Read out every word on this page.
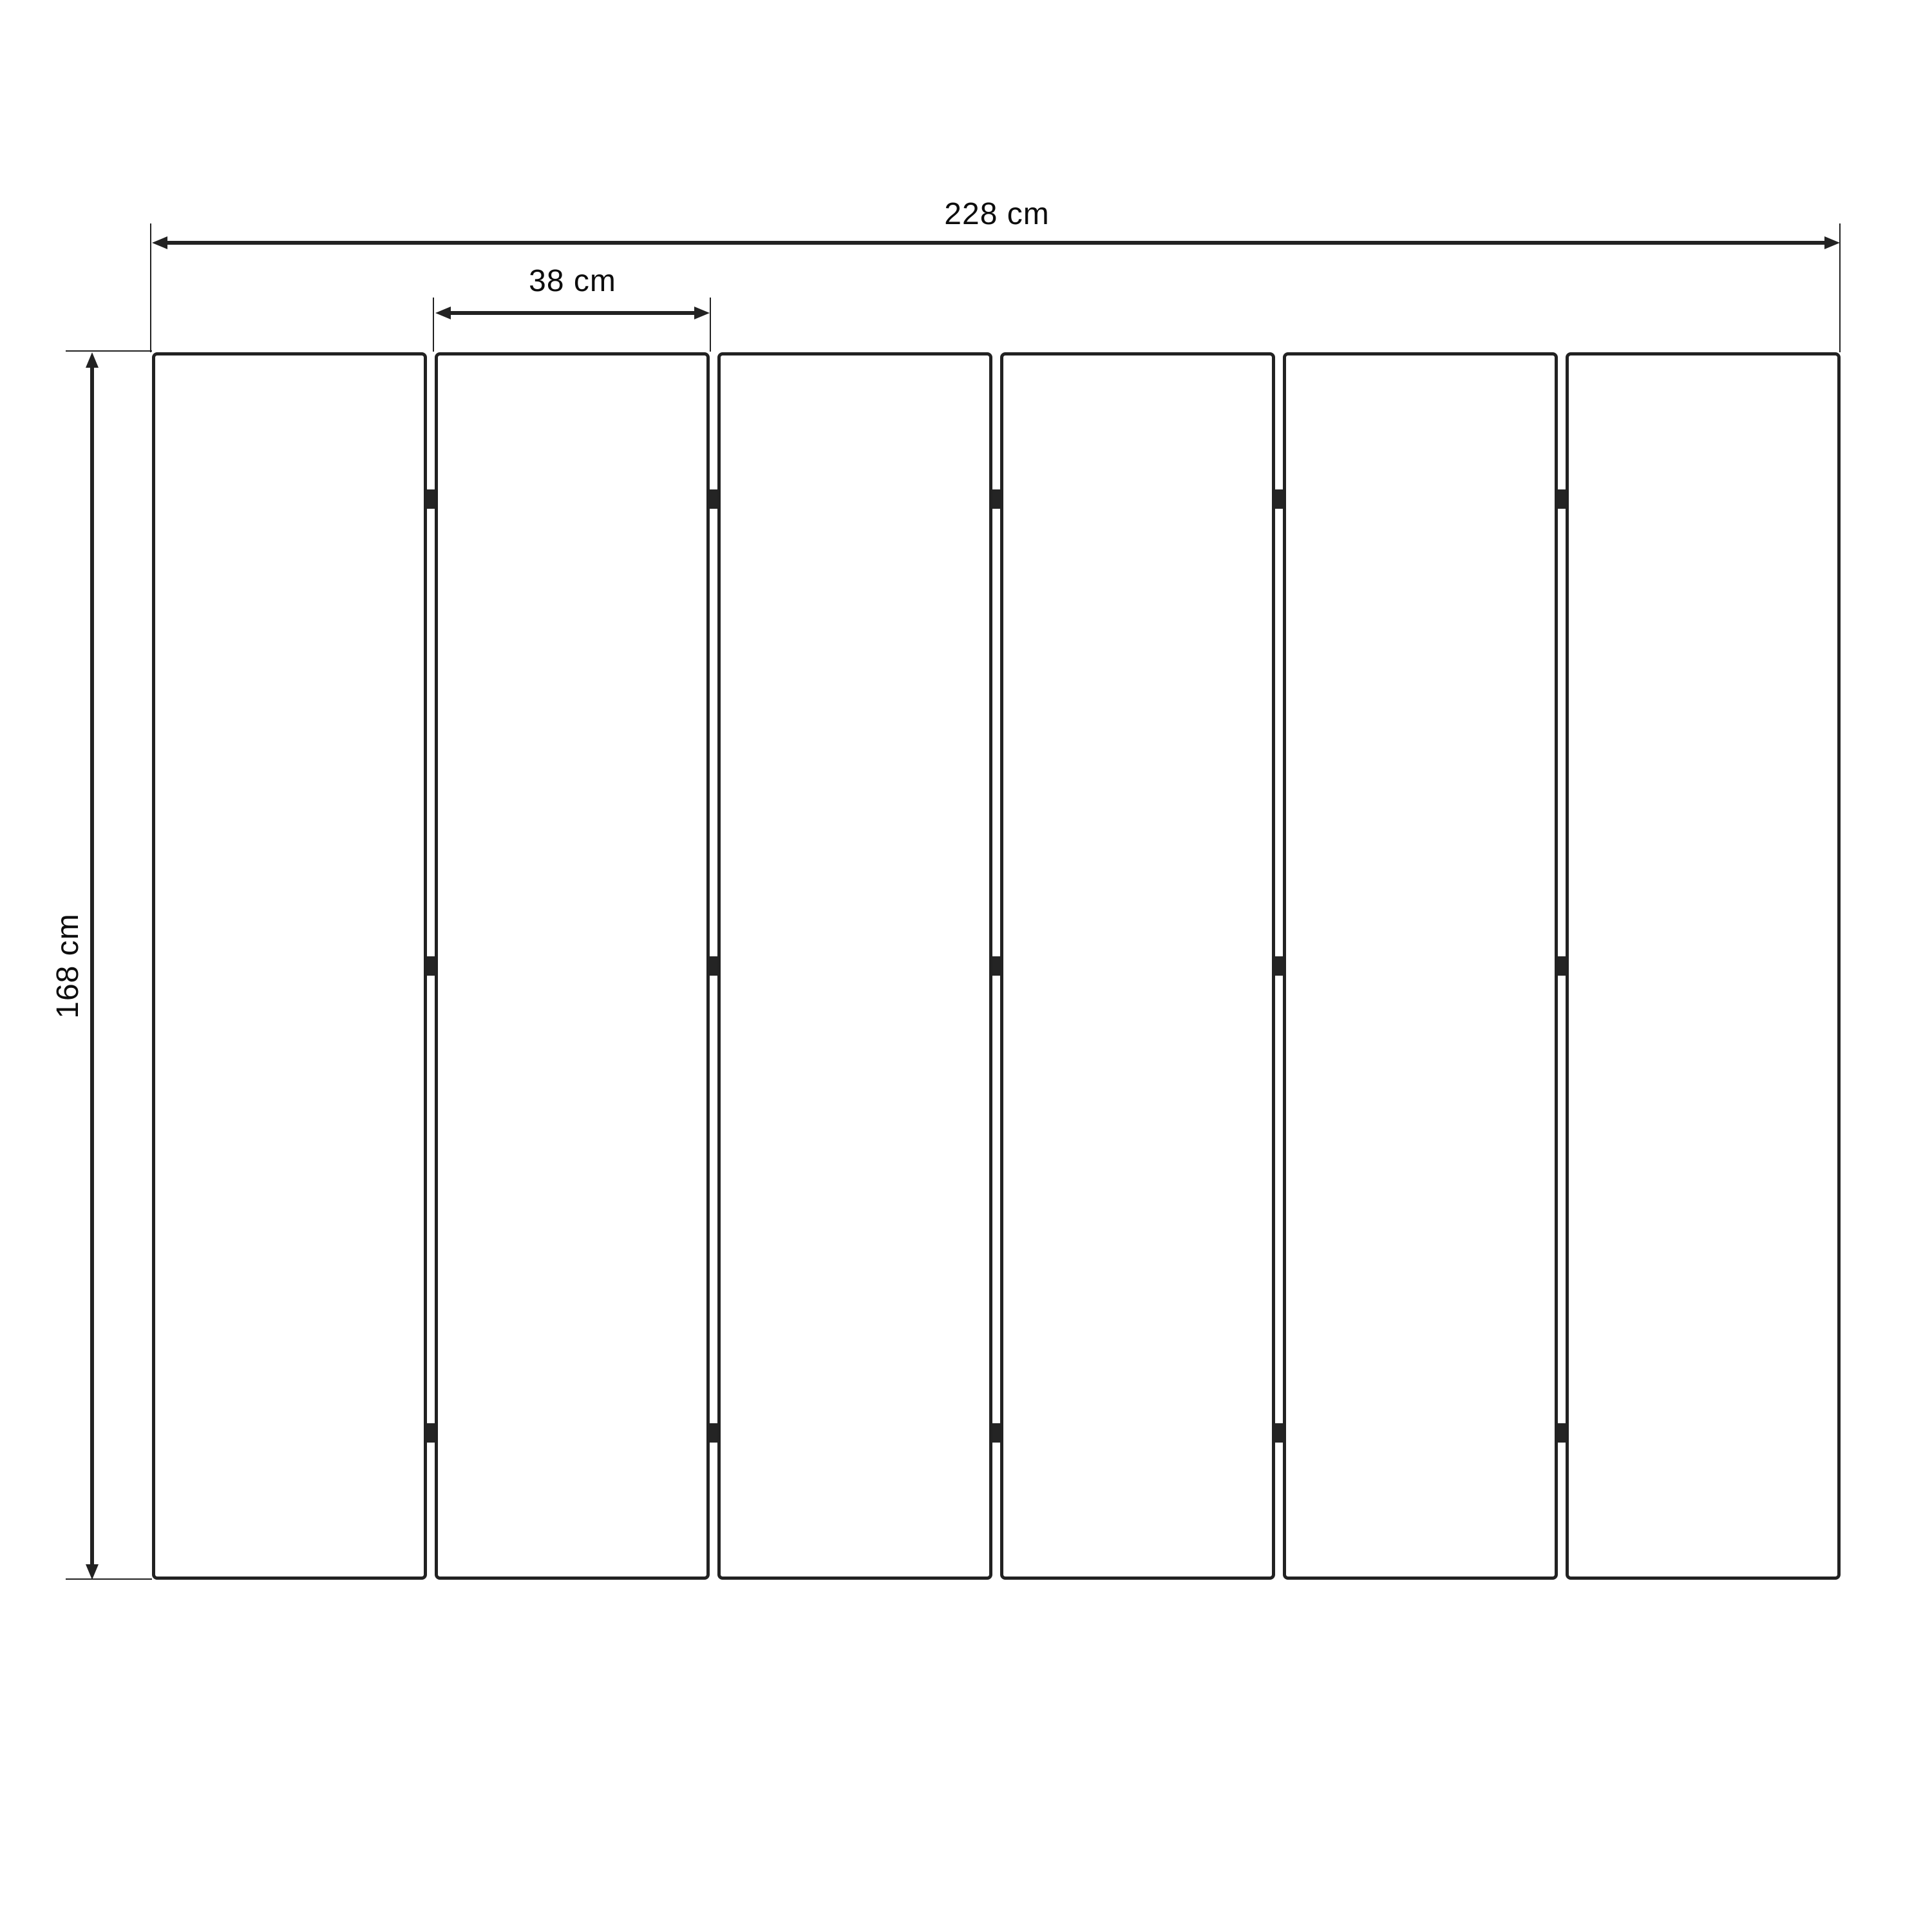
228 cm
38 cm
168 cm
